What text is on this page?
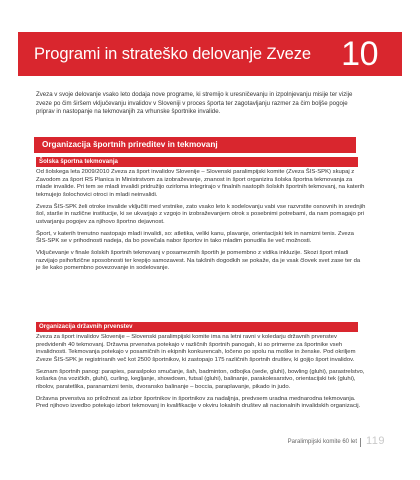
Programi in strateško delovanje Zveze 10

Zveza v svoje delovanje vsako leto dodaja nove programe, ki stremijo k uresničevanju in izpolnjevanju misije ter vizije zveze po čim širšem vključevanju invalidov v Sloveniji v proces športa ter zagotavljanju razmer za čim boljše pogoje priprav in nastopanje na tekmovanjih za vrhunske športnike invalide.

Organizacija športnih prireditev in tekmovanj
Šolska športna tekmovanja

Od šolskega leta 2009/2010 Zveza za šport invalidov Slovenije – Slovenski paralimpijski komite (Zveza ŠIS-SPK) skupaj z Zavodom za šport RS Planica in Ministrstvom za izobraževanje, znanost in šport organizira šolska športna tekmovanja za mlade invalide. Pri tem se mladi invalidi pridružijo ozirloma integrirajo v finalnih nastopih šolskih športnih tekmovanj, na katerih tekmujejo šolochovici otroci in mladi neinvalidi.

Zveza ŠIS-SPK želi otroke invalide vključiti med vrstnike, zato vsako leto k sodelovanju vabi vse razvrstite osnovnih in srednjih šol, starše in različne institucije, ki se ukvarjajo z vzgojo in izobraževanjem otrok s posebnimi potrebami, da nam pomagajo pri ustvarjanju pogojev za njihovo športno dejavnost.

Šport, v katerih trenutno nastopajo mladi invalidi, so: atletika, veliki kanu, plavanje, orientacijski tek in namizni tenis. Zveza ŠIS-SPK se v prihodnosti nadeja, da bo povečala nabor športov in tako mladim ponudila še več možnosti.

Vključevanje v finale šolskih športnih tekmovanj v posamezmih športih je pomembno z vidika inkluzije. Skozi šport mladi razvijajo psihofizične sposobnosti ter krepijo samozavest. Na takšnih dogodkih se pokaže, da je vsak človek svet zase ter da je še kako pomembno povezovanje in sodelovanje.

Organizacija državnih prvenstev

Zveza za šport invalidov Slovenije – Slovenski paralimpijski komite ima na letni ravni v koledarju državnih prvenstev predvidenih 40 tekmovanj. Državna prvenstva potekajo v različnih športnih panogah, ki so primerne za športnike vseh invalidnosti. Tekmovanja potekajo v posamičnih in ekipnih konkurencah, ločeno po spolu na moške in ženske. Pod okriljem Zveze ŠIS-SPK je registriranih več kot 2500 športnikov, ki zastopajo 175 različnih športnih društev, ki gojijo šport invalidov.

Seznam športnih panog: parapies, paraslpoko smučanje, šah, badminton, odbojka (sede, gluhi), bowling (gluhi), parastrelstvo, košarka (na vozičkih, gluhi), curling, kegljanje, showdown, futsal (gluhi), balinanje, parakolesarstvo, orientacijski tek (gluhi), ribolov, paratetlika, paranamizni tenis, dvoransko balinanje – boccia, paraplavanje, pikado in judo.

Državna prvenstva so priložnost za izbor športnikov in športnikov za nadaljnja, predvsem uradna mednarodna tekmovanja. Pred njihovo izvedbo potekajo izbori tekmovanj in kvalifikacije v okviru lokalnih društev ali nacionalnih invalidskih organizacij.

Paralimpijski komite 60 let 119
